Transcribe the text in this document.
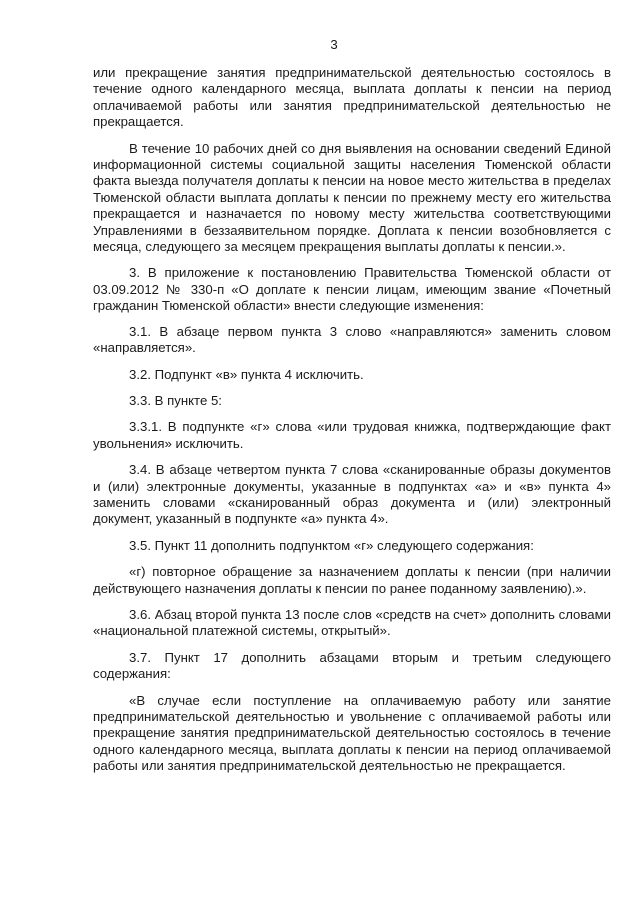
3

или прекращение занятия предпринимательской деятельностью состоялось в течение одного календарного месяца, выплата доплаты к пенсии на период оплачиваемой работы или занятия предпринимательской деятельностью не прекращается.

В течение 10 рабочих дней со дня выявления на основании сведений Единой информационной системы социальной защиты населения Тюменской области факта выезда получателя доплаты к пенсии на новое место жительства в пределах Тюменской области выплата доплаты к пенсии по прежнему месту его жительства прекращается и назначается по новому месту жительства соответствующими Управлениями в беззаявительном порядке. Доплата к пенсии возобновляется с месяца, следующего за месяцем прекращения выплаты доплаты к пенсии.».

3. В приложение к постановлению Правительства Тюменской области от 03.09.2012 № 330-п «О доплате к пенсии лицам, имеющим звание «Почетный гражданин Тюменской области» внести следующие изменения:

3.1. В абзаце первом пункта 3 слово «направляются» заменить словом «направляется».

3.2. Подпункт «в» пункта 4 исключить.

3.3. В пункте 5:

3.3.1. В подпункте «г» слова «или трудовая книжка, подтверждающие факт увольнения» исключить.

3.4. В абзаце четвертом пункта 7 слова «сканированные образы документов и (или) электронные документы, указанные в подпунктах «а» и «в» пункта 4» заменить словами «сканированный образ документа и (или) электронный документ, указанный в подпункте «а» пункта 4».

3.5. Пункт 11 дополнить подпунктом «г» следующего содержания:

«г) повторное обращение за назначением доплаты к пенсии (при наличии действующего назначения доплаты к пенсии по ранее поданному заявлению).».

3.6. Абзац второй пункта 13 после слов «средств на счет» дополнить словами «национальной платежной системы, открытый».

3.7. Пункт 17 дополнить абзацами вторым и третьим следующего содержания:

«В случае если поступление на оплачиваемую работу или занятие предпринимательской деятельностью и увольнение с оплачиваемой работы или прекращение занятия предпринимательской деятельностью состоялось в течение одного календарного месяца, выплата доплаты к пенсии на период оплачиваемой работы или занятия предпринимательской деятельностью не прекращается.
